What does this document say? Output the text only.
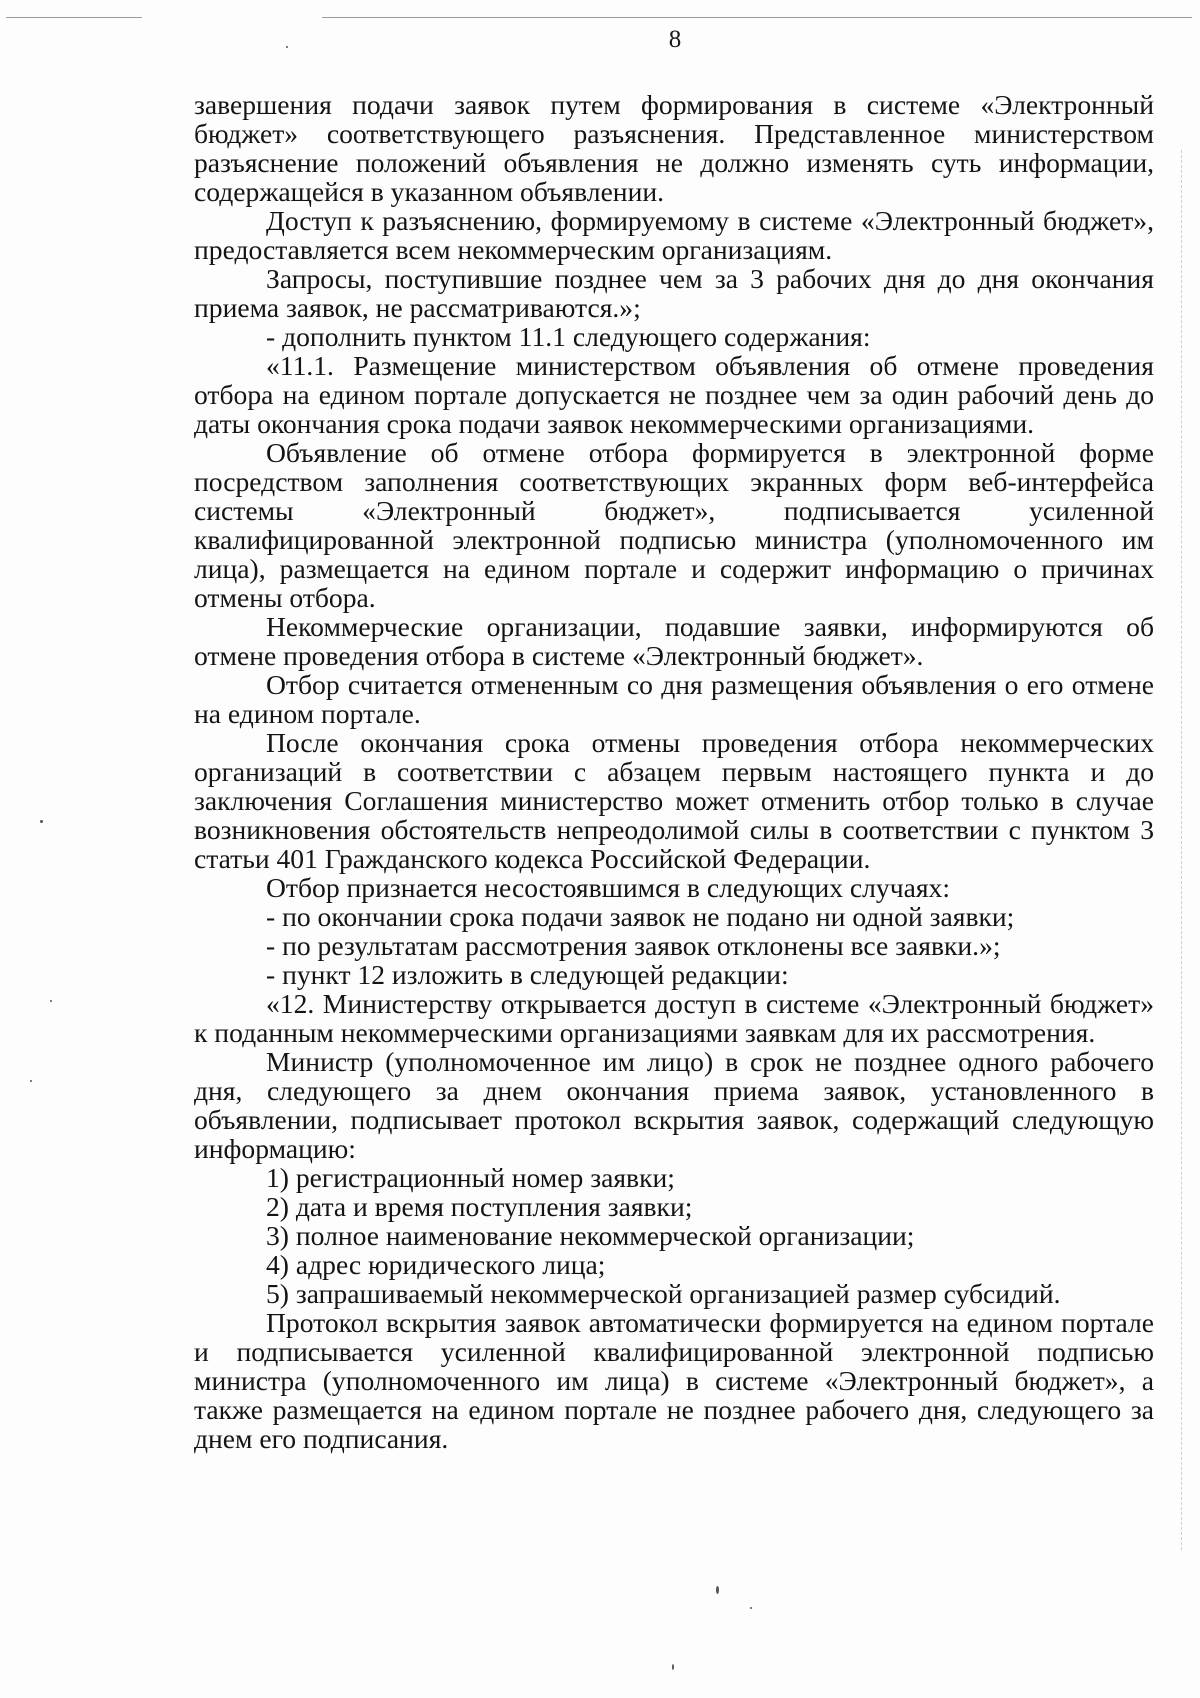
8

завершения подачи заявок путем формирования в системе «Электронный бюджет» соответствующего разъяснения. Представленное министерством разъяснение положений объявления не должно изменять суть информации, содержащейся в указанном объявлении.

Доступ к разъяснению, формируемому в системе «Электронный бюджет», предоставляется всем некоммерческим организациям.

Запросы, поступившие позднее чем за 3 рабочих дня до дня окончания приема заявок, не рассматриваются.»;

- дополнить пунктом 11.1 следующего содержания:

«11.1. Размещение министерством объявления об отмене проведения отбора на едином портале допускается не позднее чем за один рабочий день до даты окончания срока подачи заявок некоммерческими организациями.

Объявление об отмене отбора формируется в электронной форме посредством заполнения соответствующих экранных форм веб-интерфейса системы «Электронный бюджет», подписывается усиленной квалифицированной электронной подписью министра (уполномоченного им лица), размещается на едином портале и содержит информацию о причинах отмены отбора.

Некоммерческие организации, подавшие заявки, информируются об отмене проведения отбора в системе «Электронный бюджет».

Отбор считается отмененным со дня размещения объявления о его отмене на едином портале.

После окончания срока отмены проведения отбора некоммерческих организаций в соответствии с абзацем первым настоящего пункта и до заключения Соглашения министерство может отменить отбор только в случае возникновения обстоятельств непреодолимой силы в соответствии с пунктом 3 статьи 401 Гражданского кодекса Российской Федерации.

Отбор признается несостоявшимся в следующих случаях:

- по окончании срока подачи заявок не подано ни одной заявки;

- по результатам рассмотрения заявок отклонены все заявки.»;

- пункт 12 изложить в следующей редакции:

«12. Министерству открывается доступ в системе «Электронный бюджет» к поданным некоммерческими организациями заявкам для их рассмотрения.

Министр (уполномоченное им лицо) в срок не позднее одного рабочего дня, следующего за днем окончания приема заявок, установленного в объявлении, подписывает протокол вскрытия заявок, содержащий следующую информацию:

1) регистрационный номер заявки;

2) дата и время поступления заявки;

3) полное наименование некоммерческой организации;

4) адрес юридического лица;

5) запрашиваемый некоммерческой организацией размер субсидий.

Протокол вскрытия заявок автоматически формируется на едином портале и подписывается усиленной квалифицированной электронной подписью министра (уполномоченного им лица) в системе «Электронный бюджет», а также размещается на едином портале не позднее рабочего дня, следующего за днем его подписания.
